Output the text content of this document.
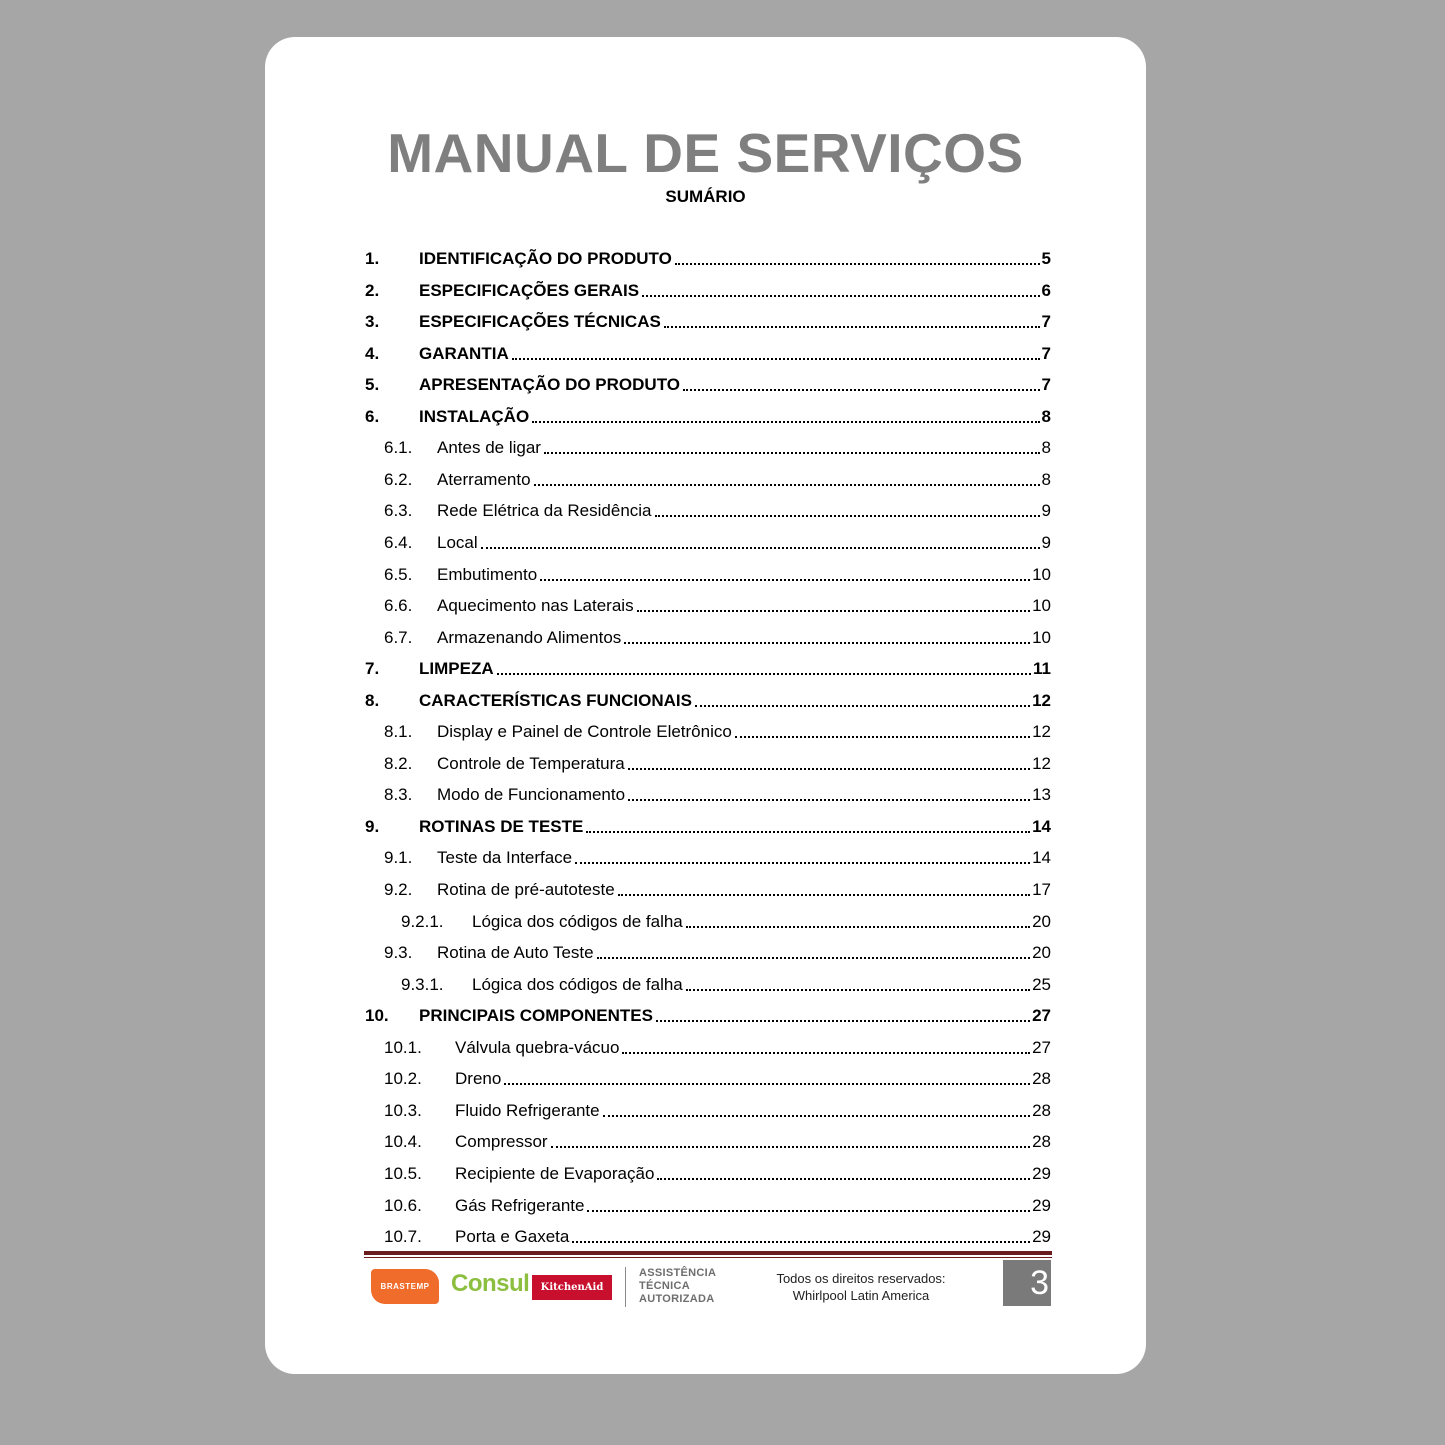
MANUAL DE SERVIÇOS
SUMÁRIO
1. IDENTIFICAÇÃO DO PRODUTO	5
2. ESPECIFICAÇÕES GERAIS	6
3. ESPECIFICAÇÕES TÉCNICAS	7
4. GARANTIA	7
5. APRESENTAÇÃO DO PRODUTO	7
6. INSTALAÇÃO	8
6.1. Antes de ligar	8
6.2. Aterramento	8
6.3. Rede Elétrica da Residência	9
6.4. Local	9
6.5. Embutimento	10
6.6. Aquecimento nas Laterais	10
6.7. Armazenando Alimentos	10
7. LIMPEZA	11
8. CARACTERÍSTICAS FUNCIONAIS	12
8.1. Display e Painel de Controle Eletrônico	12
8.2. Controle de Temperatura	12
8.3. Modo de Funcionamento	13
9. ROTINAS DE TESTE	14
9.1. Teste da Interface	14
9.2. Rotina de pré-autoteste	17
9.2.1. Lógica dos códigos de falha	20
9.3. Rotina de Auto Teste	20
9.3.1. Lógica dos códigos de falha	25
10. PRINCIPAIS COMPONENTES	27
10.1. Válvula quebra-vácuo	27
10.2. Dreno	28
10.3. Fluido Refrigerante	28
10.4. Compressor	28
10.5. Recipiente de Evaporação	29
10.6. Gás Refrigerante	29
10.7. Porta e Gaxeta	29
BRASTEMP Consul	KitchenAid
ASSISTÊNCIA
TÉCNICA
AUTORIZADA
Todos os direitos reservados:
Whirlpool Latin America	3
